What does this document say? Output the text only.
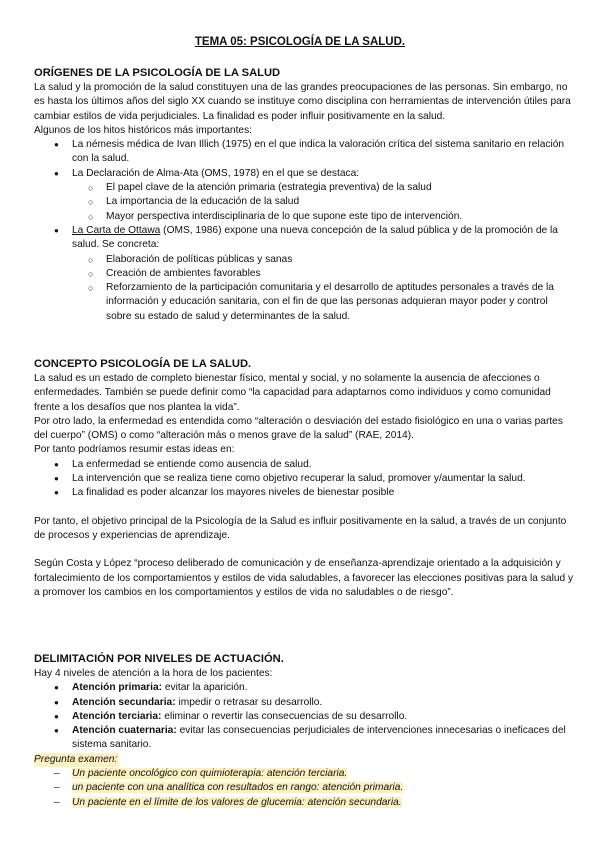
TEMA 05: PSICOLOGÍA DE LA SALUD.

ORÍGENES DE LA PSICOLOGÍA DE LA SALUD

La salud y la promoción de la salud constituyen una de las grandes preocupaciones de las personas. Sin embargo, no es hasta los últimos años del siglo XX cuando se instituye como disciplina con herramientas de intervención útiles para cambiar estilos de vida perjudiciales. La finalidad es poder influir positivamente en la salud.

Algunos de los hitos históricos más importantes:

● La némesis médica de Ivan Illich (1975) en el que indica la valoración crítica del sistema sanitario en relación con la salud.
● La Declaración de Alma-Ata (OMS, 1978) en el que se destaca:
○ El papel clave de la atención primaria (estrategia preventiva) de la salud
○ La importancia de la educación de la salud
○ Mayor perspectiva interdisciplinaria de lo que supone este tipo de intervención.
● La Carta de Ottawa (OMS, 1986) expone una nueva concepción de la salud pública y de la promoción de la salud. Se concreta:
○ Elaboración de políticas públicas y sanas
○ Creación de ambientes favorables
○ Reforzamiento de la participación comunitaria y el desarrollo de aptitudes personales a través de la información y educación sanitaria, con el fin de que las personas adquieran mayor poder y control sobre su estado de salud y determinantes de la salud.

CONCEPTO PSICOLOGÍA DE LA SALUD.

La salud es un estado de completo bienestar físico, mental y social, y no solamente la ausencia de afecciones o enfermedades. También se puede definir como “la capacidad para adaptarnos como individuos y como comunidad frente a los desafíos que nos plantea la vida”.

Por otro lado, la enfermedad es entendida como “alteración o desviación del estado fisiológico en una o varias partes del cuerpo” (OMS) o como “alteración más o menos grave de la salud” (RAE, 2014).

Por tanto podríamos resumir estas ideas en:

● La enfermedad se entiende como ausencia de salud.
● La intervención que se realiza tiene como objetivo recuperar la salud, promover y/aumentar la salud.
● La finalidad es poder alcanzar los mayores niveles de bienestar posible

Por tanto, el objetivo principal de la Psicología de la Salud es influir positivamente en la salud, a través de un conjunto de procesos y experiencias de aprendizaje.

Según Costa y López “proceso deliberado de comunicación y de enseñanza-aprendizaje orientado a la adquisición y fortalecimiento de los comportamientos y estilos de vida saludables, a favorecer las elecciones positivas para la salud y a promover los cambios en los comportamientos y estilos de vida no saludables o de riesgo”.

DELIMITACIÓN POR NIVELES DE ACTUACIÓN.

Hay 4 niveles de atención a la hora de los pacientes:

● Atención primaria: evitar la aparición.
● Atención secundaria: impedir o retrasar su desarrollo.
● Atención terciaria: eliminar o revertir las consecuencias de su desarrollo.
● Atención cuaternaria: evitar las consecuencias perjudiciales de intervenciones innecesarias o ineficaces del sistema sanitario.

Pregunta examen:

– Un paciente oncológico con quimioterapia: atención terciaria.
– un paciente con una analítica con resultados en rango: atención primaria.
– Un paciente en el límite de los valores de glucemia: atención secundaria.
